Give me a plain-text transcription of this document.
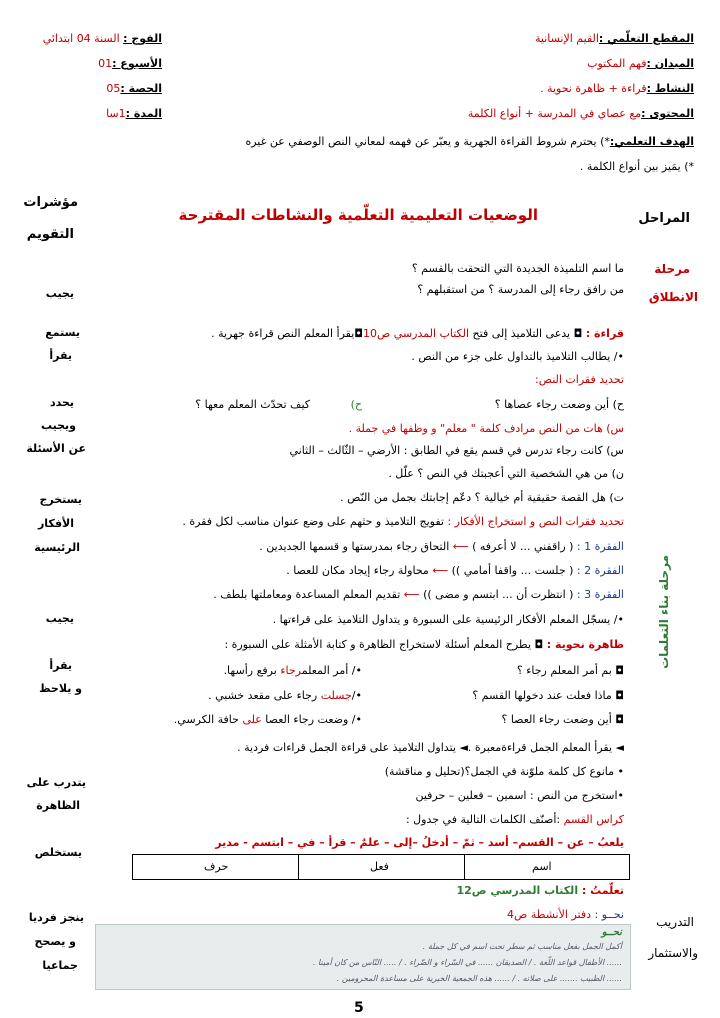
المقطع التعلّمي :القيم الإنسانية
الفوج : السنة 04 ابتدائي
الميدان :فهم المكتوب
الأسبوع :01
النشاط :قراءة + ظاهرة نحوية .
الحصة :05
المحتوى :مع عصاي في المدرسة + أنواع الكلمة
المدة :1سا
الهدف التعلمي:*) يحترم شروط القراءة الجهرية و يعبّر عن فهمه لمعاني النص الوصفي عن غيره
*) يمَيز بين أنواع الكلمة .
المراحل
الوضعيات التعليمية التعلّمية والنشاطات المقترحة
مؤشرات
التقويم
مرحلة
الانطلاق
ما اسم التلميذة الجديدة التي التحقت بالقسم ؟
من رافق رجاء إلى المدرسة ؟ من استقبلهم ؟
يجيب
مرحلة بناء التعلمات
قراءة : ◘ يدعى التلاميذ إلى فتح الكتاب المدرسي ص10◘يقرأ المعلم النص قراءة جهرية .
•/ يطالب التلاميذ بالتداول على جزء من النص .
تحديد فقرات النص:
ح) أين وضعت رجاء عصاها ؟
ح)
كيف تحدّث المعلم معها ؟
س) هات من النص مرادف كلمة " معلم" و وظفها في جملة .
س) كانت رجاء تدرس في قسم يقع في الطابق : الأرضي – الثّالث – الثاني
ن) من هي الشخصية التي أعجبتك في النص ؟ علّل .
ت) هل القصة حقيقية أم خيالية ؟ دعّم إجابتك بجمل من النّص .
تحديد فقرات النص و استخراج الأفكار : تفويج التلاميذ و حثهم على وضع عنوان مناسب لكل فقرة .
الفقرة 1 : ( راقفني ... لا أعرفه ) ⟵ التحاق رجاء بمدرستها و قسمها الجديدين .
الفقرة 2 : ( جلست ... واقفا أمامي )) ⟵ محاولة رجاء إيجاد مكان للعصا .
الفقرة 3 : ( انتظرت أن ... ابتسم و مضى )) ⟵ تقديم المعلم المساعدة ومعاملتها بلطف .
•/ يسجّل المعلم الأفكار الرئيسية على السبورة و يتداول التلاميذ على قراءتها .
ظاهرة نحوية : ◘ يطرح المعلم أسئلة لاستخراج الظاهرة و كتابة الأمثلة على السبورة :
◘ بم أمر المعلم رجاء ؟
•/ أمر المعلمرجاء برفع رأسها.
◘ ماذا فعلت عند دخولها القسم ؟
•/جسلت رجاء على مقعد خشبي .
◘ أين وضعت رجاء العصا ؟
•/ وضعت رجاء العصا على حافة الكرسي.
◄ يقرأ المعلم الجمل قراءةمعبرة .◄ يتداول التلاميذ على قراءة الجمل قراءات فردية .
• مانوع كل كلمة ملوّنة في الجمل؟(تحليل و مناقشة)
•استخرج من النص : اسمين – فعلين – حرفين
كراس القسم :أصنّف الكلمات التالية في جدول :
يلعبُ – عن – القسم– أسد – ثمّ – أدخلُ –إلى – علمٌ – قرأ – في – ابتسم - مدير
حرف	فعل	اسم
تعلّمتُ : الكتاب المدرسي ص12
يستمع
يقرأ
يحدد
ويجيب
عن الأسئلة
يستخرج
الأفكار
الرئيسية
يجيب
يقرأ
و يلاحظ
يتدرب على
الظاهرة
يستخلص
التدريب
والاستثمار
نحــو : دفتر الأنشطة ص4
نحــو
أكمل الجمل بفعل مناسب ثم سطر تحت اسم في كل جملة .
...... الأطفال قواعد اللّغة . / الصديقان ...... في السّراء و الضّراء . / ..... النّاس من كان أمينا .
...... الطبيب ....... على صلاته . / ...... هذه الجمعية الخيرية على مساعدة المحرومين .
ينجز فرديا
و يصحح
جماعيا
5
